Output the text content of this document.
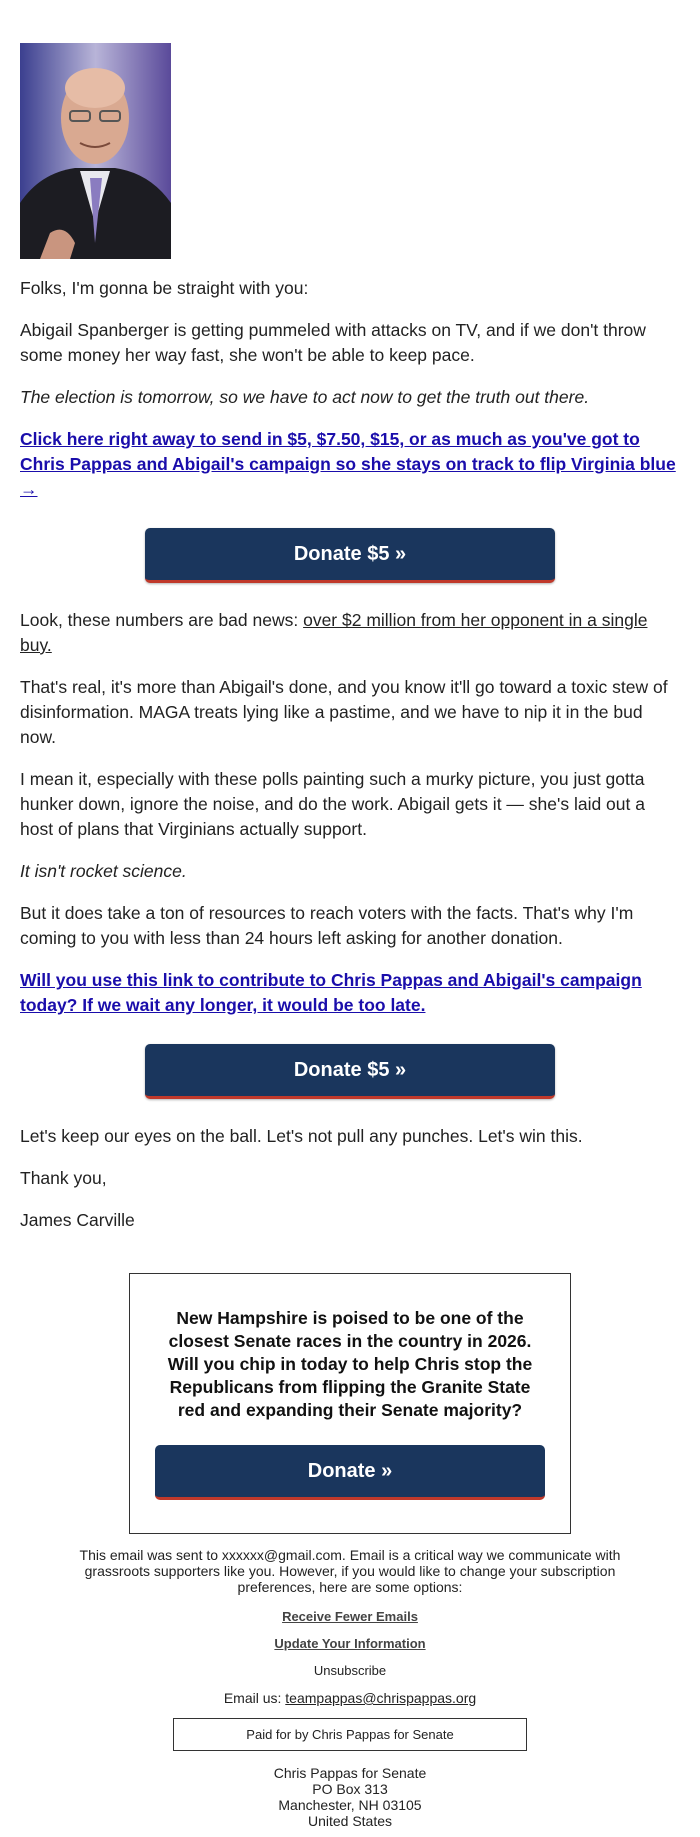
Folks, I'm gonna be straight with you:

Abigail Spanberger is getting pummeled with attacks on TV, and if we don't throw some money her way fast, she won't be able to keep pace.

The election is tomorrow, so we have to act now to get the truth out there.

Click here right away to send in $5, $7.50, $15, or as much as you've got to Chris Pappas and Abigail's campaign so she stays on track to flip Virginia blue →

Donate $5 »

Look, these numbers are bad news: over $2 million from her opponent in a single buy.

That's real, it's more than Abigail's done, and you know it'll go toward a toxic stew of disinformation. MAGA treats lying like a pastime, and we have to nip it in the bud now.

I mean it, especially with these polls painting such a murky picture, you just gotta hunker down, ignore the noise, and do the work. Abigail gets it — she's laid out a host of plans that Virginians actually support.

It isn't rocket science.

But it does take a ton of resources to reach voters with the facts. That's why I'm coming to you with less than 24 hours left asking for another donation.

Will you use this link to contribute to Chris Pappas and Abigail's campaign today? If we wait any longer, it would be too late.

Donate $5 »

Let's keep our eyes on the ball. Let's not pull any punches. Let's win this.

Thank you,

James Carville

New Hampshire is poised to be one of the closest Senate races in the country in 2026. Will you chip in today to help Chris stop the Republicans from flipping the Granite State red and expanding their Senate majority?

Donate »
This email was sent to xxxxxx@gmail.com. Email is a critical way we communicate with grassroots supporters like you. However, if you would like to change your subscription preferences, here are some options:
Receive Fewer Emails
Update Your Information
Unsubscribe
Email us: teampappas@chrispappas.org
Paid for by Chris Pappas for Senate
Chris Pappas for Senate
PO Box 313
Manchester, NH 03105
United States
